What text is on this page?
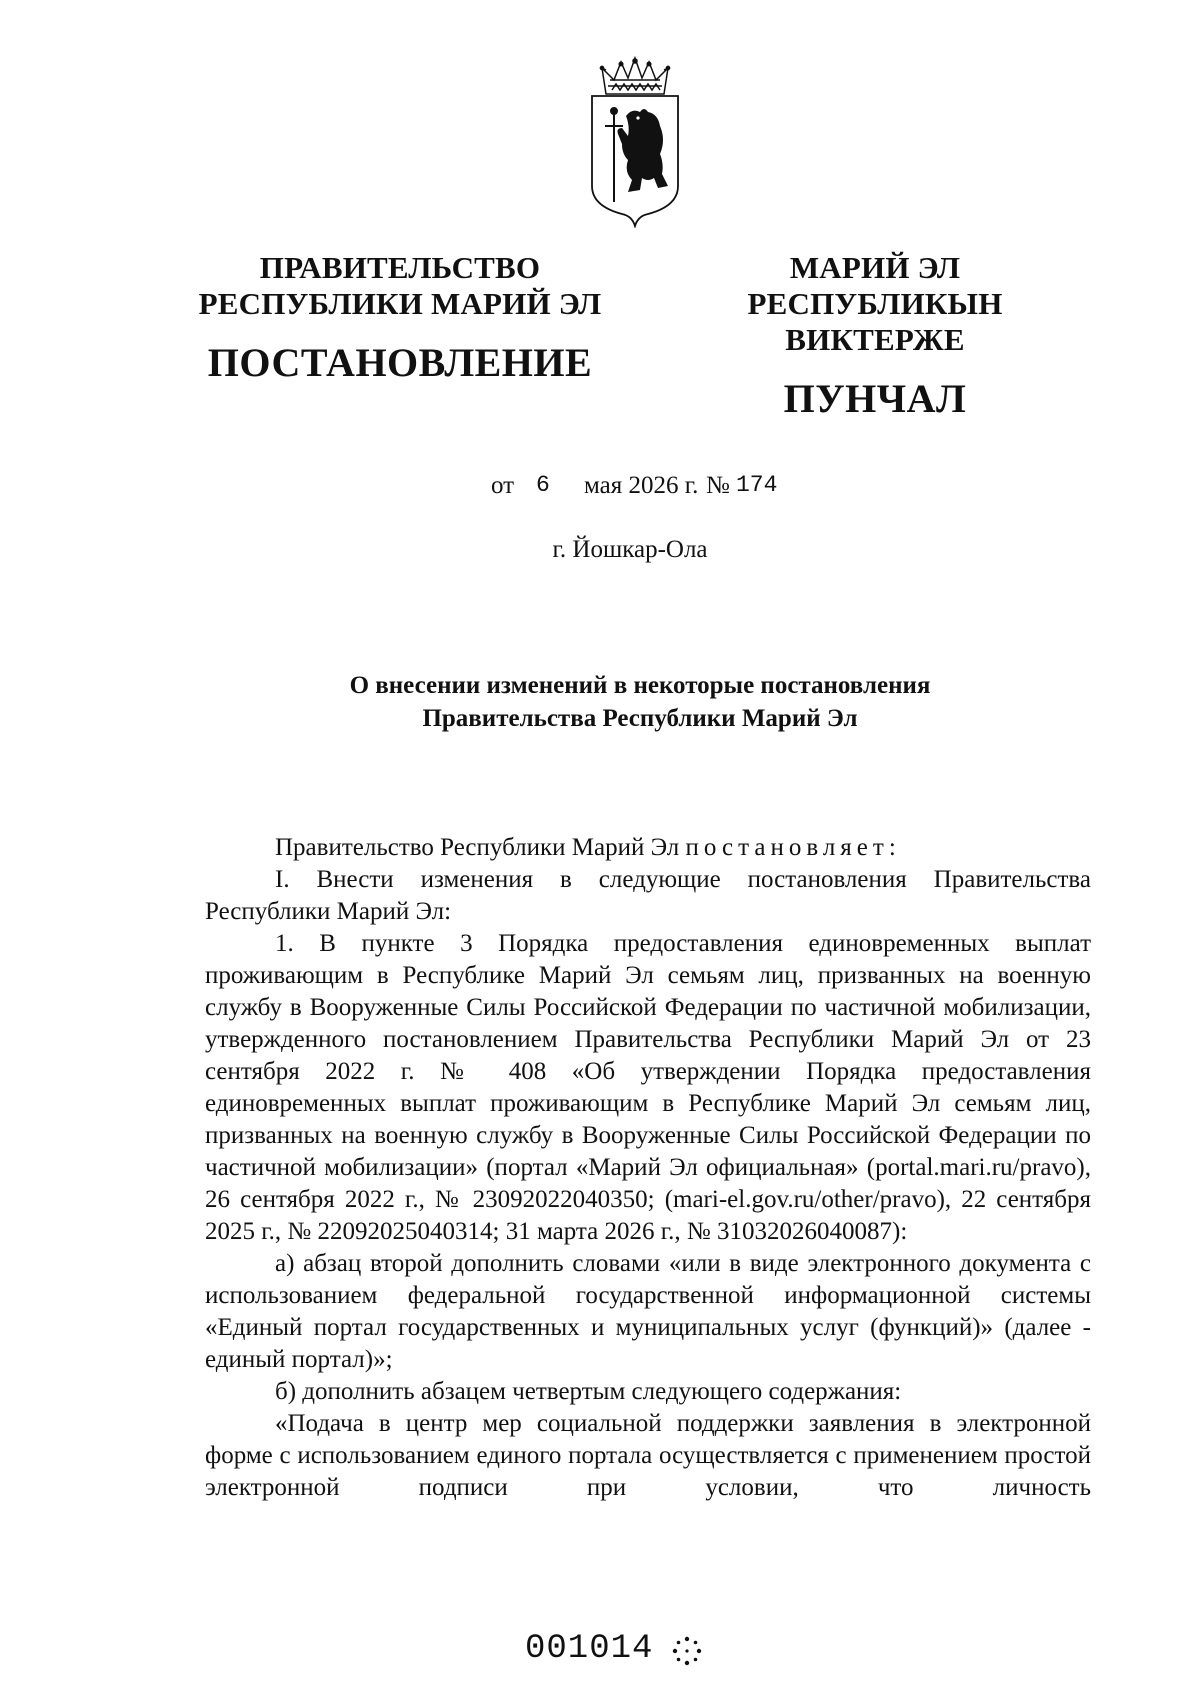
ПРАВИТЕЛЬСТВО
РЕСПУБЛИКИ МАРИЙ ЭЛ
ПОСТАНОВЛЕНИЕ
МАРИЙ ЭЛ РЕСПУБЛИКЫН
ВИКТЕРЖЕ
ПУНЧАЛ
от 6 мая 2026 г. № 174
г. Йошкар-Ола
О внесении изменений в некоторые постановления
Правительства Республики Марий Эл

Правительство Республики Марий Эл постановляет:

I. Внести изменения в следующие постановления Правительства Республики Марий Эл:

1. В пункте 3 Порядка предоставления единовременных выплат проживающим в Республике Марий Эл семьям лиц, призванных на военную службу в Вооруженные Силы Российской Федерации по частичной мобилизации, утвержденного постановлением Правительства Республики Марий Эл от 23 сентября 2022 г. № 408 «Об утверждении Порядка предоставления единовременных выплат проживающим в Республике Марий Эл семьям лиц, призванных на военную службу в Вооруженные Силы Российской Федерации по частичной мобилизации» (портал «Марий Эл официальная» (portal.mari.ru/pravo), 26 сентября 2022 г., № 23092022040350; (mari-el.gov.ru/other/pravo), 22 сентября 2025 г., № 22092025040314; 31 марта 2026 г., № 31032026040087):

а) абзац второй дополнить словами «или в виде электронного документа с использованием федеральной государственной информационной системы «Единый портал государственных и муниципальных услуг (функций)» (далее - единый портал)»;

б) дополнить абзацем четвертым следующего содержания:

«Подача в центр мер социальной поддержки заявления в электронной форме с использованием единого портала осуществляется с применением простой электронной подписи при условии, что личность

001014
